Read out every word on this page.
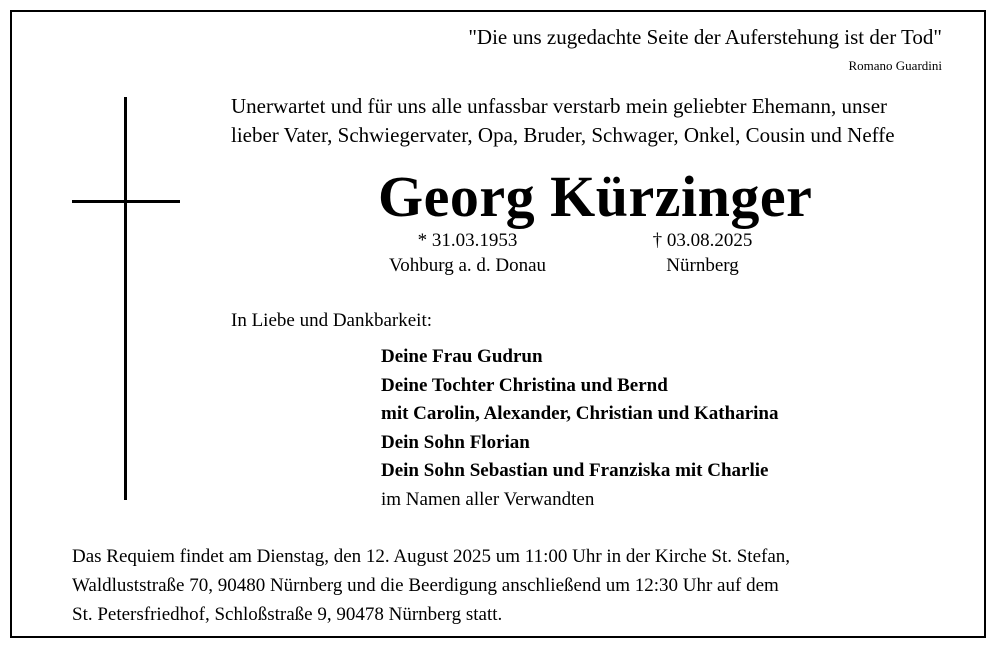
"Die uns zugedachte Seite der Auferstehung ist der Tod"
Romano Guardini
Unerwartet und für uns alle unfassbar verstarb mein geliebter Ehemann, unser
lieber Vater, Schwiegervater, Opa, Bruder, Schwager, Onkel, Cousin und Neffe
Georg Kürzinger
* 31.03.1953
Vohburg a. d. Donau
† 03.08.2025
Nürnberg
In Liebe und Dankbarkeit:
Deine Frau Gudrun
Deine Tochter Christina und Bernd
mit Carolin, Alexander, Christian und Katharina
Dein Sohn Florian
Dein Sohn Sebastian und Franziska mit Charlie
im Namen aller Verwandten
Das Requiem findet am Dienstag, den 12. August 2025 um 11:00 Uhr in der Kirche St. Stefan,
Waldluststraße 70, 90480 Nürnberg und die Beerdigung anschließend um 12:30 Uhr auf dem
St. Petersfriedhof, Schloßstraße 9, 90478 Nürnberg statt.
